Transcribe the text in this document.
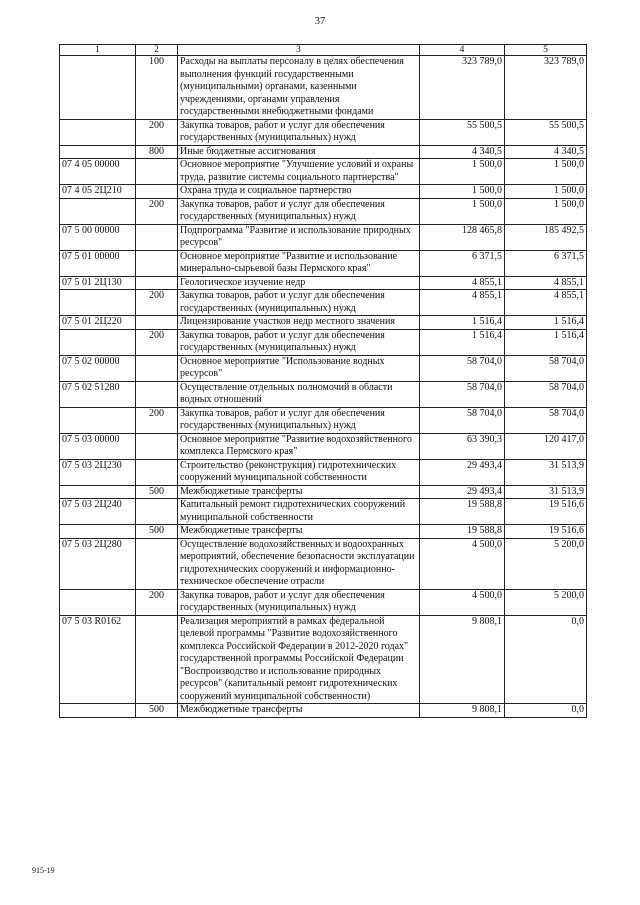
37
1	2	3	4	5
	100	Расходы на выплаты персоналу в целях обеспечения выполнения функций государственными (муниципальными) органами, казенными учреждениями, органами управления государственными внебюджетными фондами	323 789,0	323 789,0
	200	Закупка товаров, работ и услуг для обеспечения государственных (муниципальных) нужд	55 500,5	55 500,5
	800	Иные бюджетные ассигнования	4 340,5	4 340,5
07 4 05 00000		Основное мероприятие "Улучшение условий и охраны труда, развитие системы социального партнерства"	1 500,0	1 500,0
07 4 05 2Ц210		Охрана труда и социальное партнерство	1 500,0	1 500,0
	200	Закупка товаров, работ и услуг для обеспечения государственных (муниципальных) нужд	1 500,0	1 500,0
07 5 00 00000		Подпрограмма "Развитие и использование природных ресурсов"	128 465,8	185 492,5
07 5 01 00000		Основное мероприятие "Развитие и использование минерально-сырьевой базы Пермского края"	6 371,5	6 371,5
07 5 01 2Ц130		Геологическое изучение недр	4 855,1	4 855,1
	200	Закупка товаров, работ и услуг для обеспечения государственных (муниципальных) нужд	4 855,1	4 855,1
07 5 01 2Ц220		Лицензирование участков недр местного значения	1 516,4	1 516,4
	200	Закупка товаров, работ и услуг для обеспечения государственных (муниципальных) нужд	1 516,4	1 516,4
07 5 02 00000		Основное мероприятие "Использование водных ресурсов"	58 704,0	58 704,0
07 5 02 51280		Осуществление отдельных полномочий в области водных отношений	58 704,0	58 704,0
	200	Закупка товаров, работ и услуг для обеспечения государственных (муниципальных) нужд	58 704,0	58 704,0
07 5 03 00000		Основное мероприятие "Развитие водохозяйственного комплекса Пермского края"	63 390,3	120 417,0
07 5 03 2Ц230		Строительство (реконструкция) гидротехнических сооружений муниципальной собственности	29 493,4	31 513,9
	500	Межбюджетные трансферты	29 493,4	31 513,9
07 5 03 2Ц240		Капитальный ремонт гидротехнических сооружений муниципальной собственности	19 588,8	19 516,6
	500	Межбюджетные трансферты	19 588,8	19 516,6
07 5 03 2Ц280		Осуществление водохозяйственных и водоохранных мероприятий, обеспечение безопасности эксплуатации гидротехнических сооружений и информационно-техническое обеспечение отрасли	4 500,0	5 200,0
	200	Закупка товаров, работ и услуг для обеспечения государственных (муниципальных) нужд	4 500,0	5 200,0
07 5 03 R0162		Реализация мероприятий в рамках федеральной целевой программы "Развитие водохозяйственного комплекса Российской Федерации в 2012-2020 годах" государственной программы Российской Федерации "Воспроизводство и использование природных ресурсов" (капитальный ремонт гидротехнических сооружений муниципальной собственности)	9 808,1	0,0
	500	Межбюджетные трансферты	9 808,1	0,0
915-19
